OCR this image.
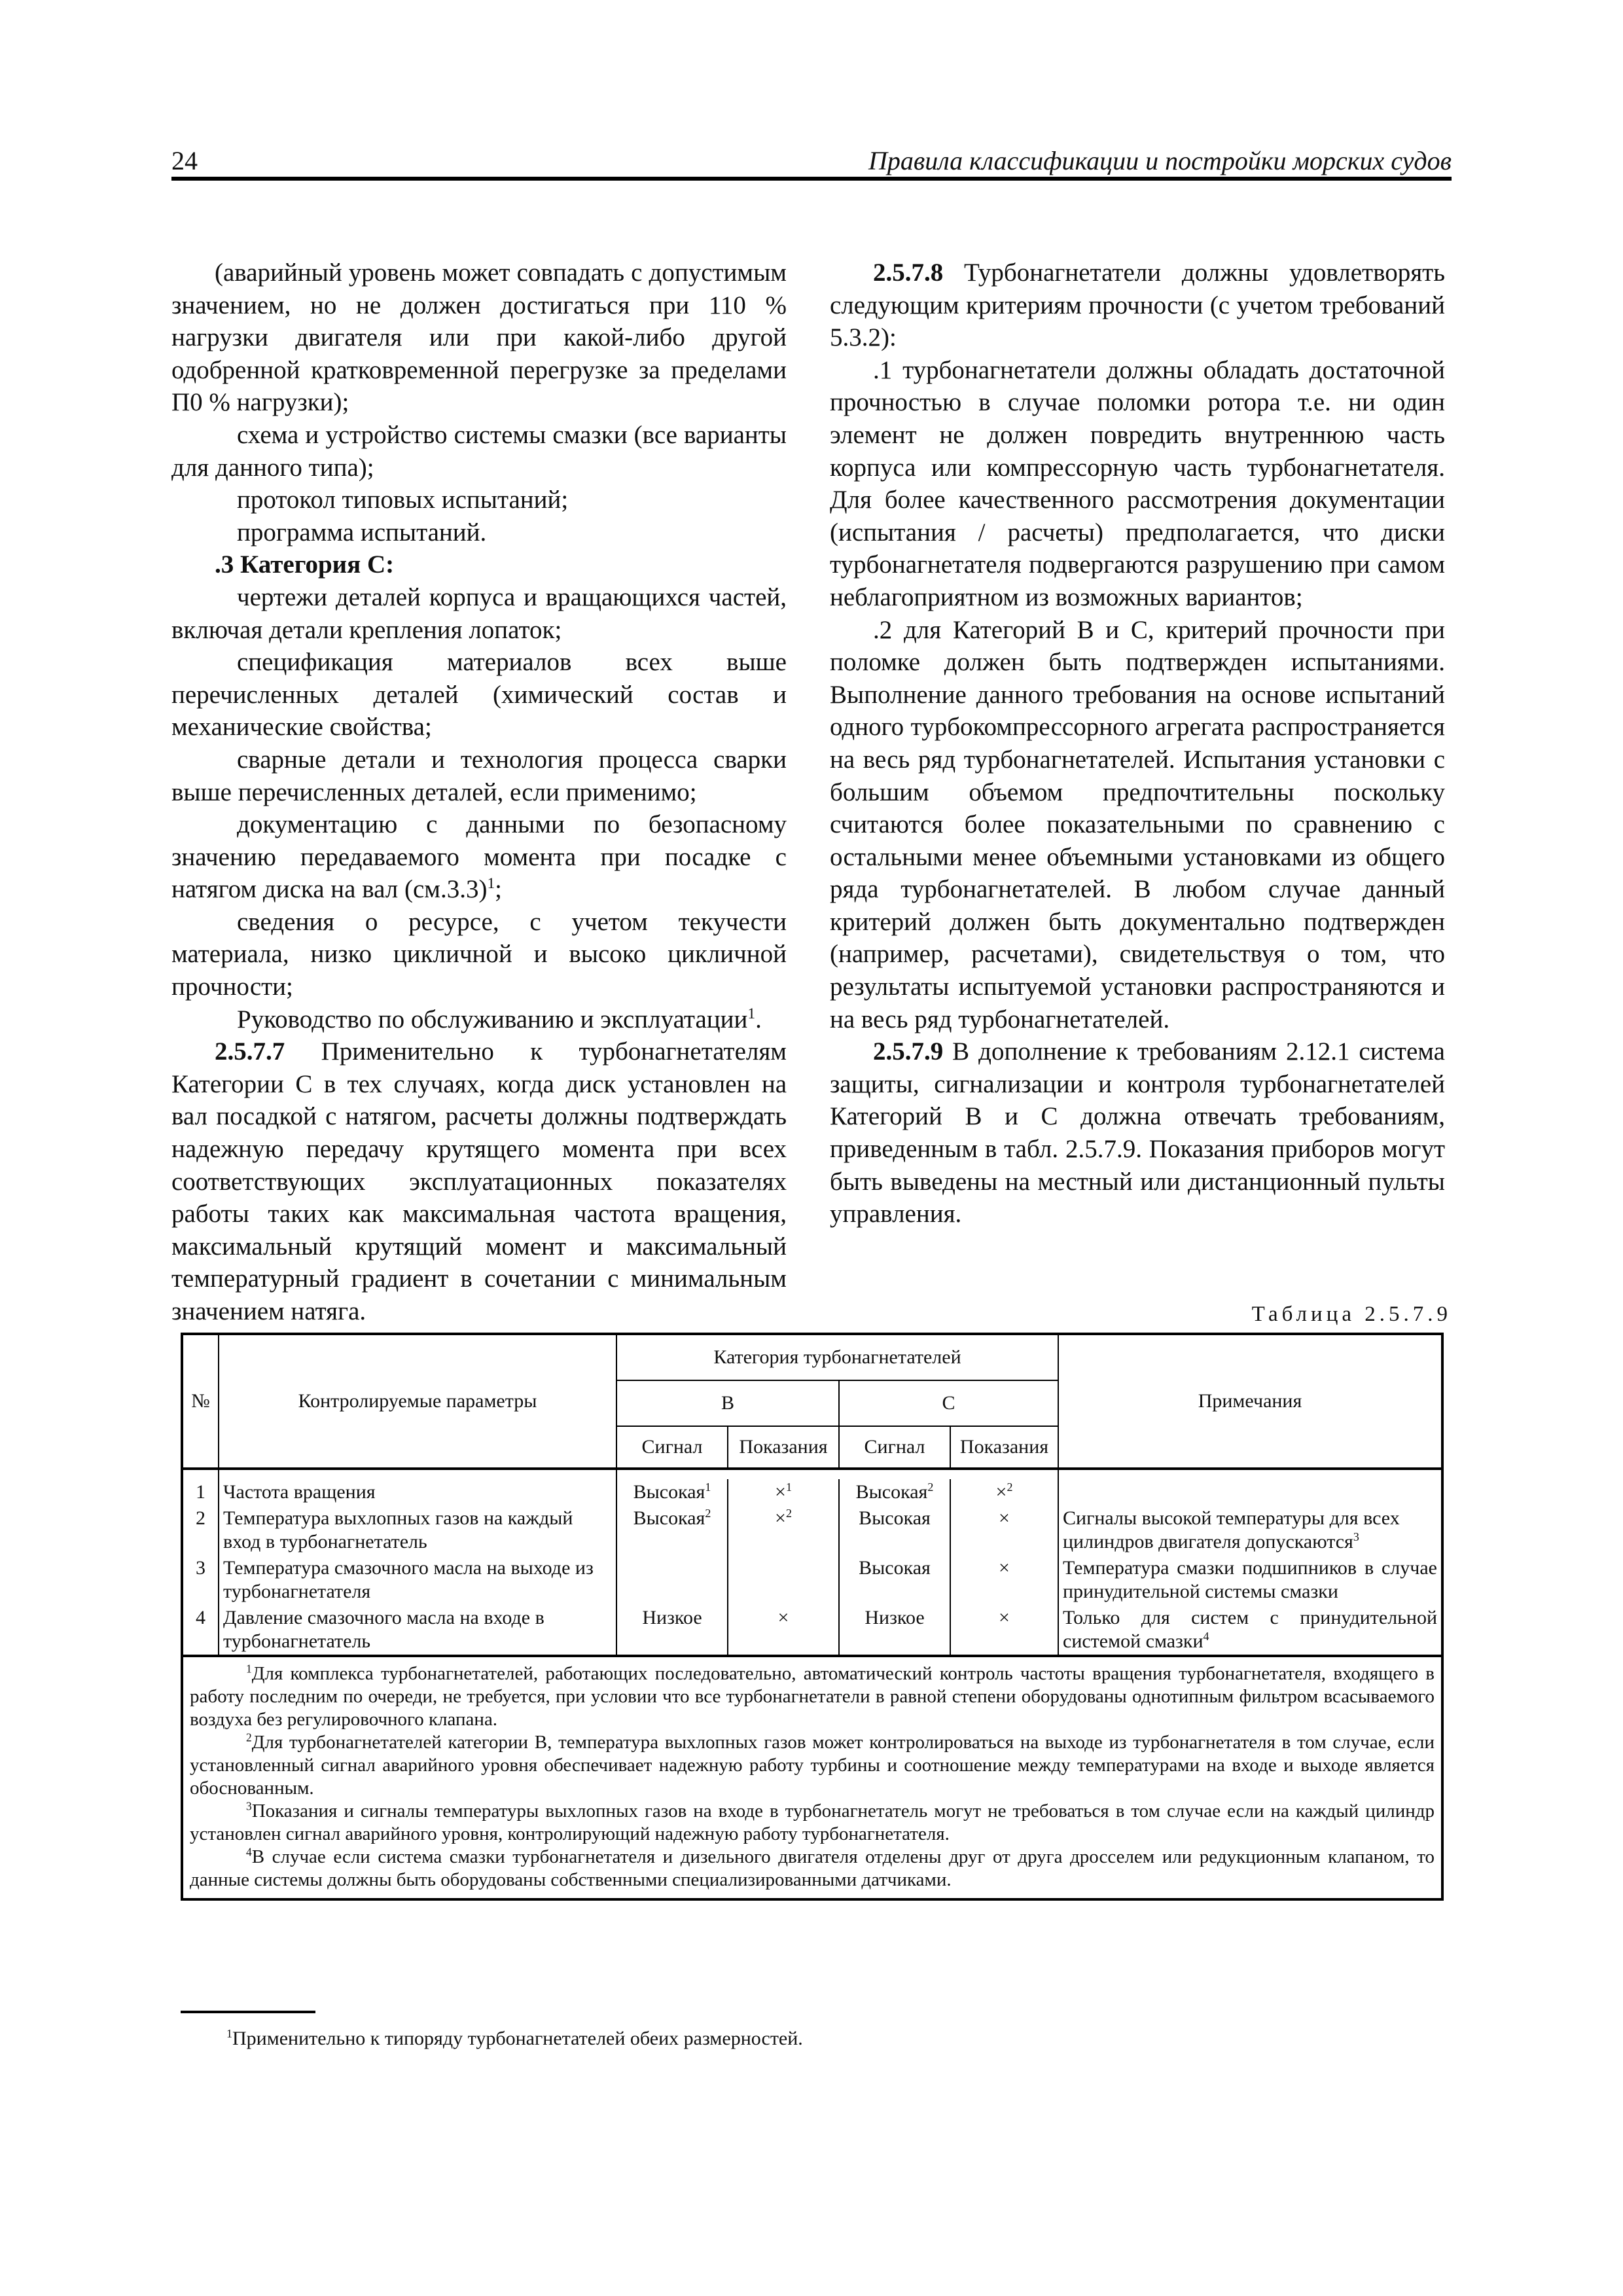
24	Правила классификации и постройки морских судов

(аварийный уровень может совпадать с допустимым значением, но не должен достигаться при 110 % нагрузки двигателя или при какой-либо другой одобренной кратковременной перегрузке за пределами П0 % нагрузки);

схема и устройство системы смазки (все варианты для данного типа);

протокол типовых испытаний;

программа испытаний.

.3 Категория С:

чертежи деталей корпуса и вращающихся частей, включая детали крепления лопаток;

спецификация материалов всех выше перечисленных деталей (химический состав и механические свойства;

сварные детали и технология процесса сварки выше перечисленных деталей, если применимо;

документацию с данными по безопасному значению передаваемого момента при посадке с натягом диска на вал $(см.3.3)^1$;

сведения о ресурсе, с учетом текучести материала, низко цикличной и высоко цикличной прочности;

Руководство по обслуживанию и эксплуатации$^1$.

2.5.7.7 Применительно к турбонагнетателям Категории С в тех случаях, когда диск установлен на вал посадкой с натягом, расчеты должны подтверждать надежную передачу крутящего момента при всех соответствующих эксплуатационных показателях работы таких как максимальная частота вращения, максимальный крутящий момент и максимальный температурный градиент в сочетании с минимальным значением натяга.

2.5.7.8 Турбонагнетатели должны удовлетворять следующим критериям прочности (с учетом требований 5.3.2):

.1 турбонагнетатели должны обладать достаточной прочностью в случае поломки ротора т.е. ни один элемент не должен повредить внутреннюю часть корпуса или компрессорную часть турбонагнетателя. Для более качественного рассмотрения документации (испытания / расчеты) предполагается, что диски турбонагнетателя подвергаются разрушению при самом неблагоприятном из возможных вариантов;

.2 для Категорий В и С, критерий прочности при поломке должен быть подтвержден испытаниями. Выполнение данного требования на основе испытаний одного турбокомпрессорного агрегата распространяется на весь ряд турбонагнетателей. Испытания установки с большим объемом предпочтительны поскольку считаются более показательными по сравнению с остальными менее объемными установками из общего ряда турбонагнетателей. В любом случае данный критерий должен быть документально подтвержден (например, расчетами), свидетельствуя о том, что результаты испытуемой установки распространяются и на весь ряд турбонагнетателей.

2.5.7.9 В дополнение к требованиям 2.12.1 система защиты, сигнализации и контроля турбонагнетателей Категорий В и С должна отвечать требованиям, приведенным в табл. 2.5.7.9. Показания приборов могут быть выведены на местный или дистанционный пульты управления.

Таблица 2.5.7.9
№	Контролируемые параметры	Категория турбонагнетателей				Примечания
		В		С		
		Сигнал	Показания	Сигнал	Показания	

1	Частота вращения	Высокая$^1$	×$^1$	Высокая$^2$	×$^2$	
2	Температура выхлопных газов на каждый вход в турбонагнетатель	Высокая$^2$	×$^2$	Высокая	×	Сигналы высокой температуры для всех цилиндров двигателя допускаются$^3$
3	Температура смазочного масла на выходе из турбонагнетателя			Высокая	×	Температура смазки подшипников в случае принудительной системы смазки
4	Давление смазочного масла на входе в турбонагнетатель	Низкое	×	Низкое	×	Только для систем с принудительной системой смазки$^4$

$^1$Для комплекса турбонагнетателей, работающих последовательно, автоматический контроль частоты вращения турбонагнетателя, входящего в работу последним по очереди, не требуется, при условии что все турбонагнетатели в равной степени оборудованы однотипным фильтром всасываемого воздуха без регулировочного клапана.

$^2$Для турбонагнетателей категории В, температура выхлопных газов может контролироваться на выходе из турбонагнетателя в том случае, если установленный сигнал аварийного уровня обеспечивает надежную работу турбины и соотношение между температурами на входе и выходе является обоснованным.

$^3$Показания и сигналы температуры выхлопных газов на входе в турбонагнетатель могут не требоваться в том случае если на каждый цилиндр установлен сигнал аварийного уровня, контролирующий надежную работу турбонагнетателя.

$^4$В случае если система смазки турбонагнетателя и дизельного двигателя отделены друг от друга дросселем или редукционным клапаном, то данные системы должны быть оборудованы собственными специализированными датчиками.						

$^1$Применительно к типоряду турбонагнетателей обеих размерностей.
